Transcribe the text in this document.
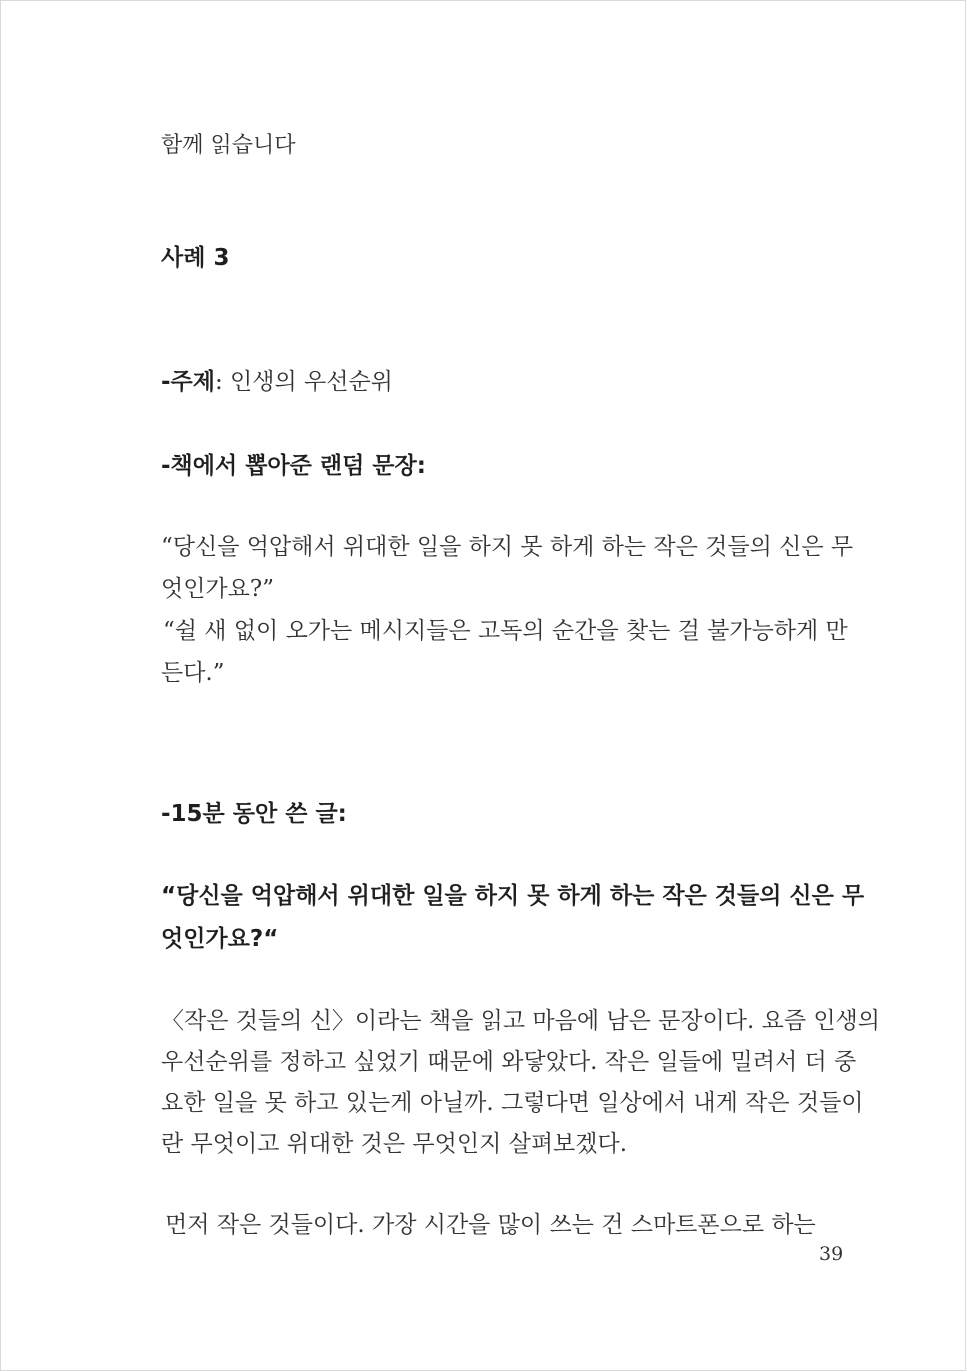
함께 읽습니다
사례 3
-주제: 인생의 우선순위
-책에서 뽑아준 랜덤 문장:
“당신을 억압해서 위대한 일을 하지 못 하게 하는 작은 것들의 신은 무
엇인가요?”
“쉴 새 없이 오가는 메시지들은 고독의 순간을 찾는 걸 불가능하게 만
든다.”
-15분 동안 쓴 글:
“당신을 억압해서 위대한 일을 하지 못 하게 하는 작은 것들의 신은 무
엇인가요?“
〈작은 것들의 신〉이라는 책을 읽고 마음에 남은 문장이다. 요즘 인생의
우선순위를 정하고 싶었기 때문에 와닿았다. 작은 일들에 밀려서 더 중
요한 일을 못 하고 있는게 아닐까. 그렇다면 일상에서 내게 작은 것들이
란 무엇이고 위대한 것은 무엇인지 살펴보겠다.
먼저 작은 것들이다. 가장 시간을 많이 쓰는 건 스마트폰으로 하는
39
